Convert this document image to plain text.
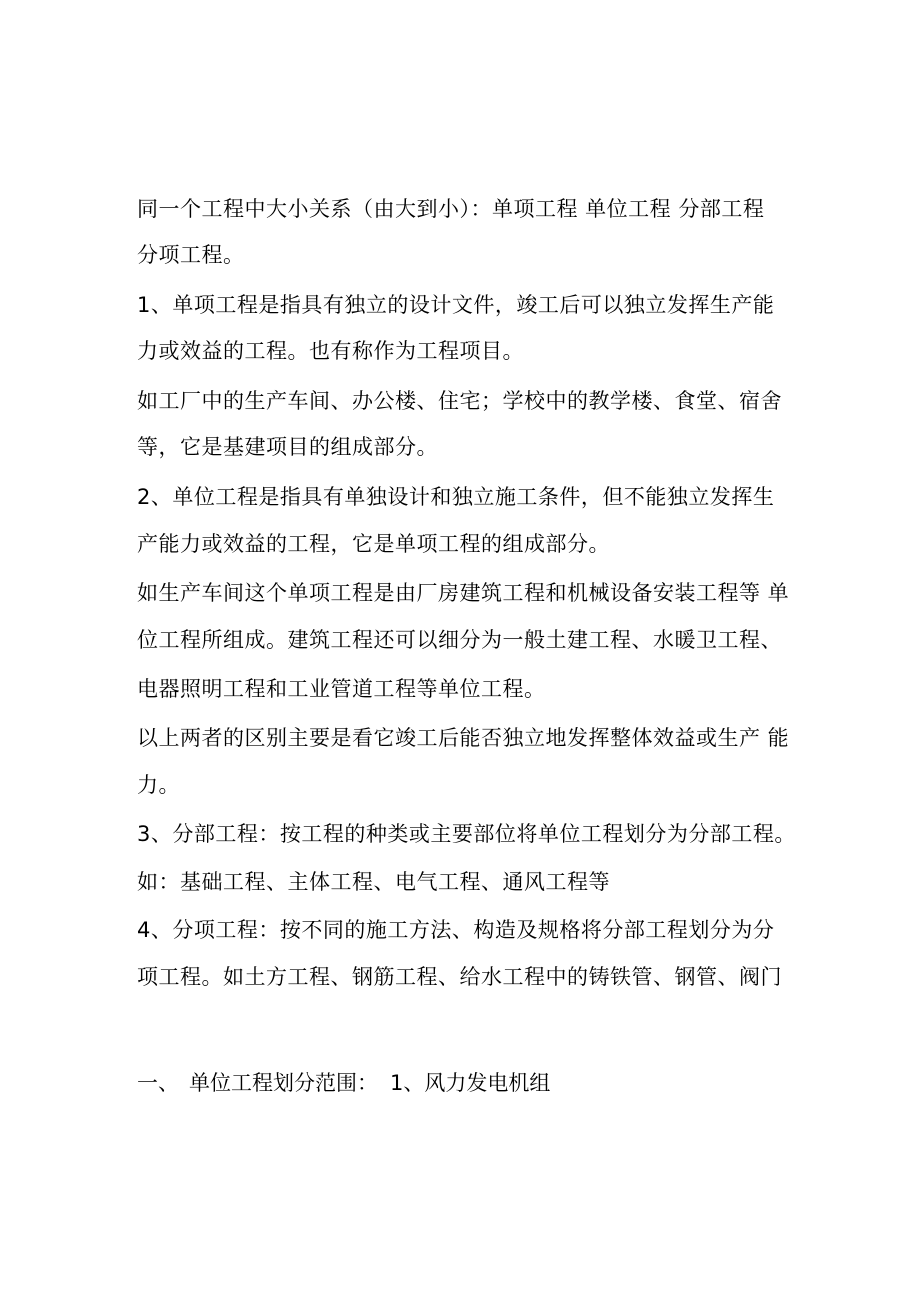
同一个工程中大小关系（由大到小）：单项工程 单位工程 分部工程

分项工程。

1、单项工程是指具有独立的设计文件，竣工后可以独立发挥生产能

力或效益的工程。也有称作为工程项目。

如工厂中的生产车间、办公楼、住宅；学校中的教学楼、食堂、宿舍

等，它是基建项目的组成部分。

2、单位工程是指具有单独设计和独立施工条件，但不能独立发挥生

产能力或效益的工程，它是单项工程的组成部分。

如生产车间这个单项工程是由厂房建筑工程和机械设备安装工程等 单

位工程所组成。建筑工程还可以细分为一般土建工程、水暖卫工程、

电器照明工程和工业管道工程等单位工程。

以上两者的区别主要是看它竣工后能否独立地发挥整体效益或生产 能

力。

3、分部工程：按工程的种类或主要部位将单位工程划分为分部工程。

如：基础工程、主体工程、电气工程、通风工程等

4、分项工程：按不同的施工方法、构造及规格将分部工程划分为分

项工程。如土方工程、钢筋工程、给水工程中的铸铁管、钢管、阀门

一、 单位工程划分范围： 1、风力发电机组
